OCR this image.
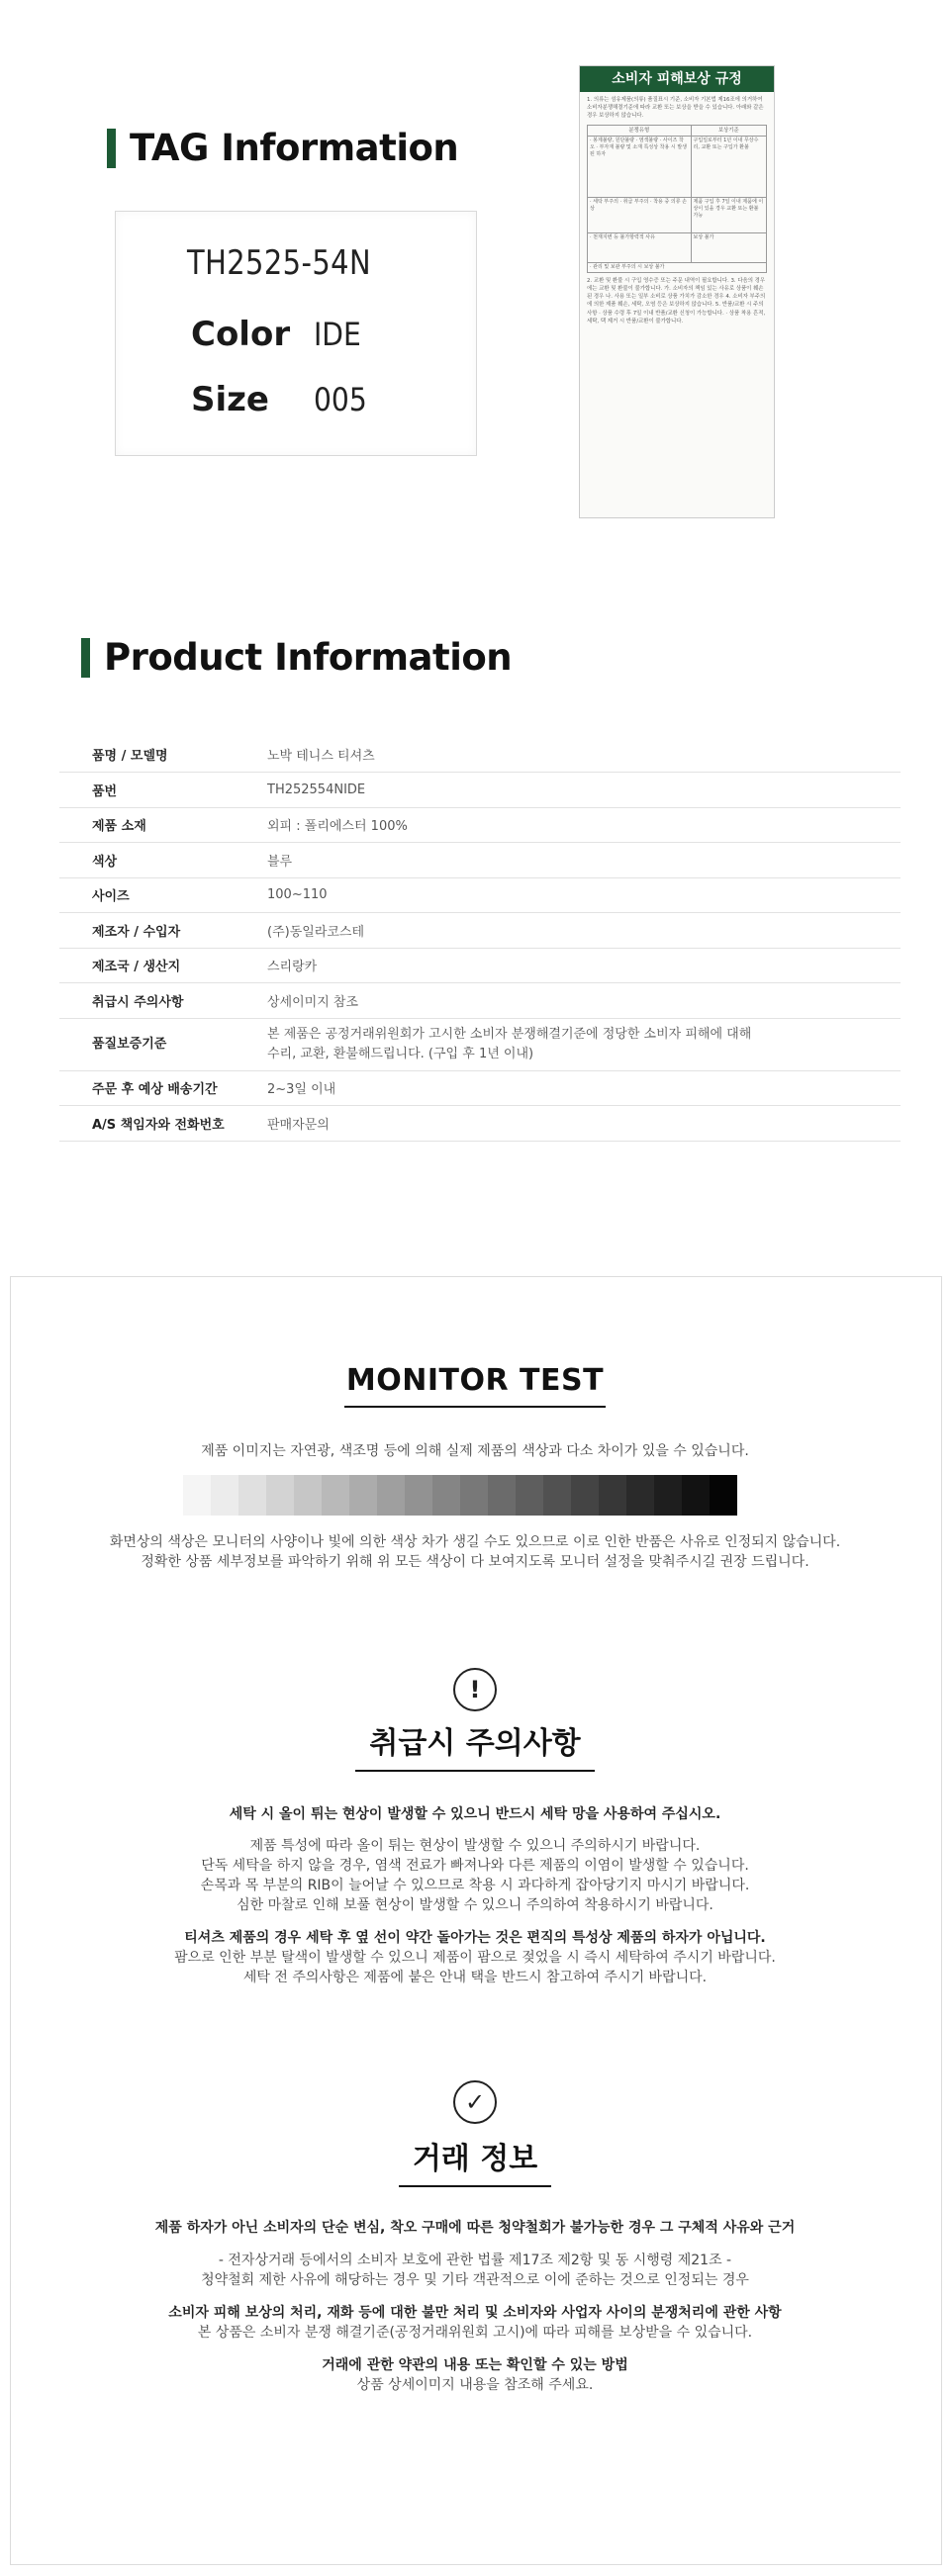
TAG Information
TH2525-54N
Color IDE
Size	005
소비자 피해보상 규정
1. 의류는 섬유제품(의류) 품질표시 기준, 소비자 기본법 제16조에 의거하여 소비자분쟁해결기준에 따라 교환 또는 보상을 받을 수 있습니다. 아래와 같은 경우 보상하지 않습니다.
분쟁유형	보상기준
· 봉제불량, 원단불량 · 염색불량 · 사이즈 착오 · 부자재 불량 및 소재 특성상 착용 시 발생된 하자	구입일로부터 1년 이내 무상수리, 교환 또는 구입가 환불
· 세탁 부주의 · 취급 부주의 · 착용 중 의류 손상	제품 구입 후 7일 이내 제품에 이상이 있을 경우 교환 또는 환불 가능
· 천재지변 등 불가항력적 사유	보상 불가
· 관리 및 보관 부주의 시 보상 불가	
2. 교환 및 환불 시 구입 영수증 또는 주문 내역이 필요합니다. 3. 다음의 경우에는 교환 및 환불이 불가합니다. 가. 소비자의 책임 있는 사유로 상품이 훼손된 경우 나. 사용 또는 일부 소비로 상품 가치가 감소한 경우 4. 소비자 부주의에 의한 제품 훼손, 세탁, 오염 등은 보상하지 않습니다. 5. 반품/교환 시 주의사항 · 상품 수령 후 7일 이내 반품/교환 신청이 가능합니다. · 상품 착용 흔적, 세탁, 택 제거 시 반품/교환이 불가합니다.
Product Information
품명 / 모델명	노박 테니스 티셔츠
품번	TH252554NIDE
제품 소재	외피 : 폴리에스터 100%
색상	블루
사이즈	100~110
제조자 / 수입자	(주)동일라코스테
제조국 / 생산지	스리랑카
취급시 주의사항	상세이미지 참조
품질보증기준	본 제품은 공정거래위원회가 고시한 소비자 분쟁해결기준에 정당한 소비자 피해에 대해
수리, 교환, 환불해드립니다. (구입 후 1년 이내)

주문 후 예상 배송기간	2~3일 이내
A/S 책임자와 전화번호	판매자문의
MONITOR TEST
제품 이미지는 자연광, 색조명 등에 의해 실제 제품의 색상과 다소 차이가 있을 수 있습니다.
화면상의 색상은 모니터의 사양이나 빛에 의한 색상 차가 생길 수도 있으므로 이로 인한 반품은 사유로 인정되지 않습니다.
정확한 상품 세부정보를 파악하기 위해 위 모든 색상이 다 보여지도록 모니터 설정을 맞춰주시길 권장 드립니다.
!
취급시 주의사항
세탁 시 올이 튀는 현상이 발생할 수 있으니 반드시 세탁 망을 사용하여 주십시오.
제품 특성에 따라 올이 튀는 현상이 발생할 수 있으니 주의하시기 바랍니다.
단독 세탁을 하지 않을 경우, 염색 전료가 빠져나와 다른 제품의 이염이 발생할 수 있습니다.
손목과 목 부분의 RIB이 늘어날 수 있으므로 착용 시 과다하게 잡아당기지 마시기 바랍니다.
심한 마찰로 인해 보풀 현상이 발생할 수 있으니 주의하여 착용하시기 바랍니다.
티셔츠 제품의 경우 세탁 후 옆 선이 약간 돌아가는 것은 편직의 특성상 제품의 하자가 아닙니다.
팜으로 인한 부분 탈색이 발생할 수 있으니 제품이 팜으로 젖었을 시 즉시 세탁하여 주시기 바랍니다.
세탁 전 주의사항은 제품에 붙은 안내 택을 반드시 참고하여 주시기 바랍니다.
✓
거래 정보
제품 하자가 아닌 소비자의 단순 변심, 착오 구매에 따른 청약철회가 불가능한 경우 그 구체적 사유와 근거
- 전자상거래 등에서의 소비자 보호에 관한 법률 제17조 제2항 및 동 시행령 제21조 -
청약철회 제한 사유에 해당하는 경우 및 기타 객관적으로 이에 준하는 것으로 인정되는 경우
소비자 피해 보상의 처리, 재화 등에 대한 불만 처리 및 소비자와 사업자 사이의 분쟁처리에 관한 사항
본 상품은 소비자 분쟁 해결기준(공정거래위원회 고시)에 따라 피해를 보상받을 수 있습니다.
거래에 관한 약관의 내용 또는 확인할 수 있는 방법
상품 상세이미지 내용을 참조해 주세요.
